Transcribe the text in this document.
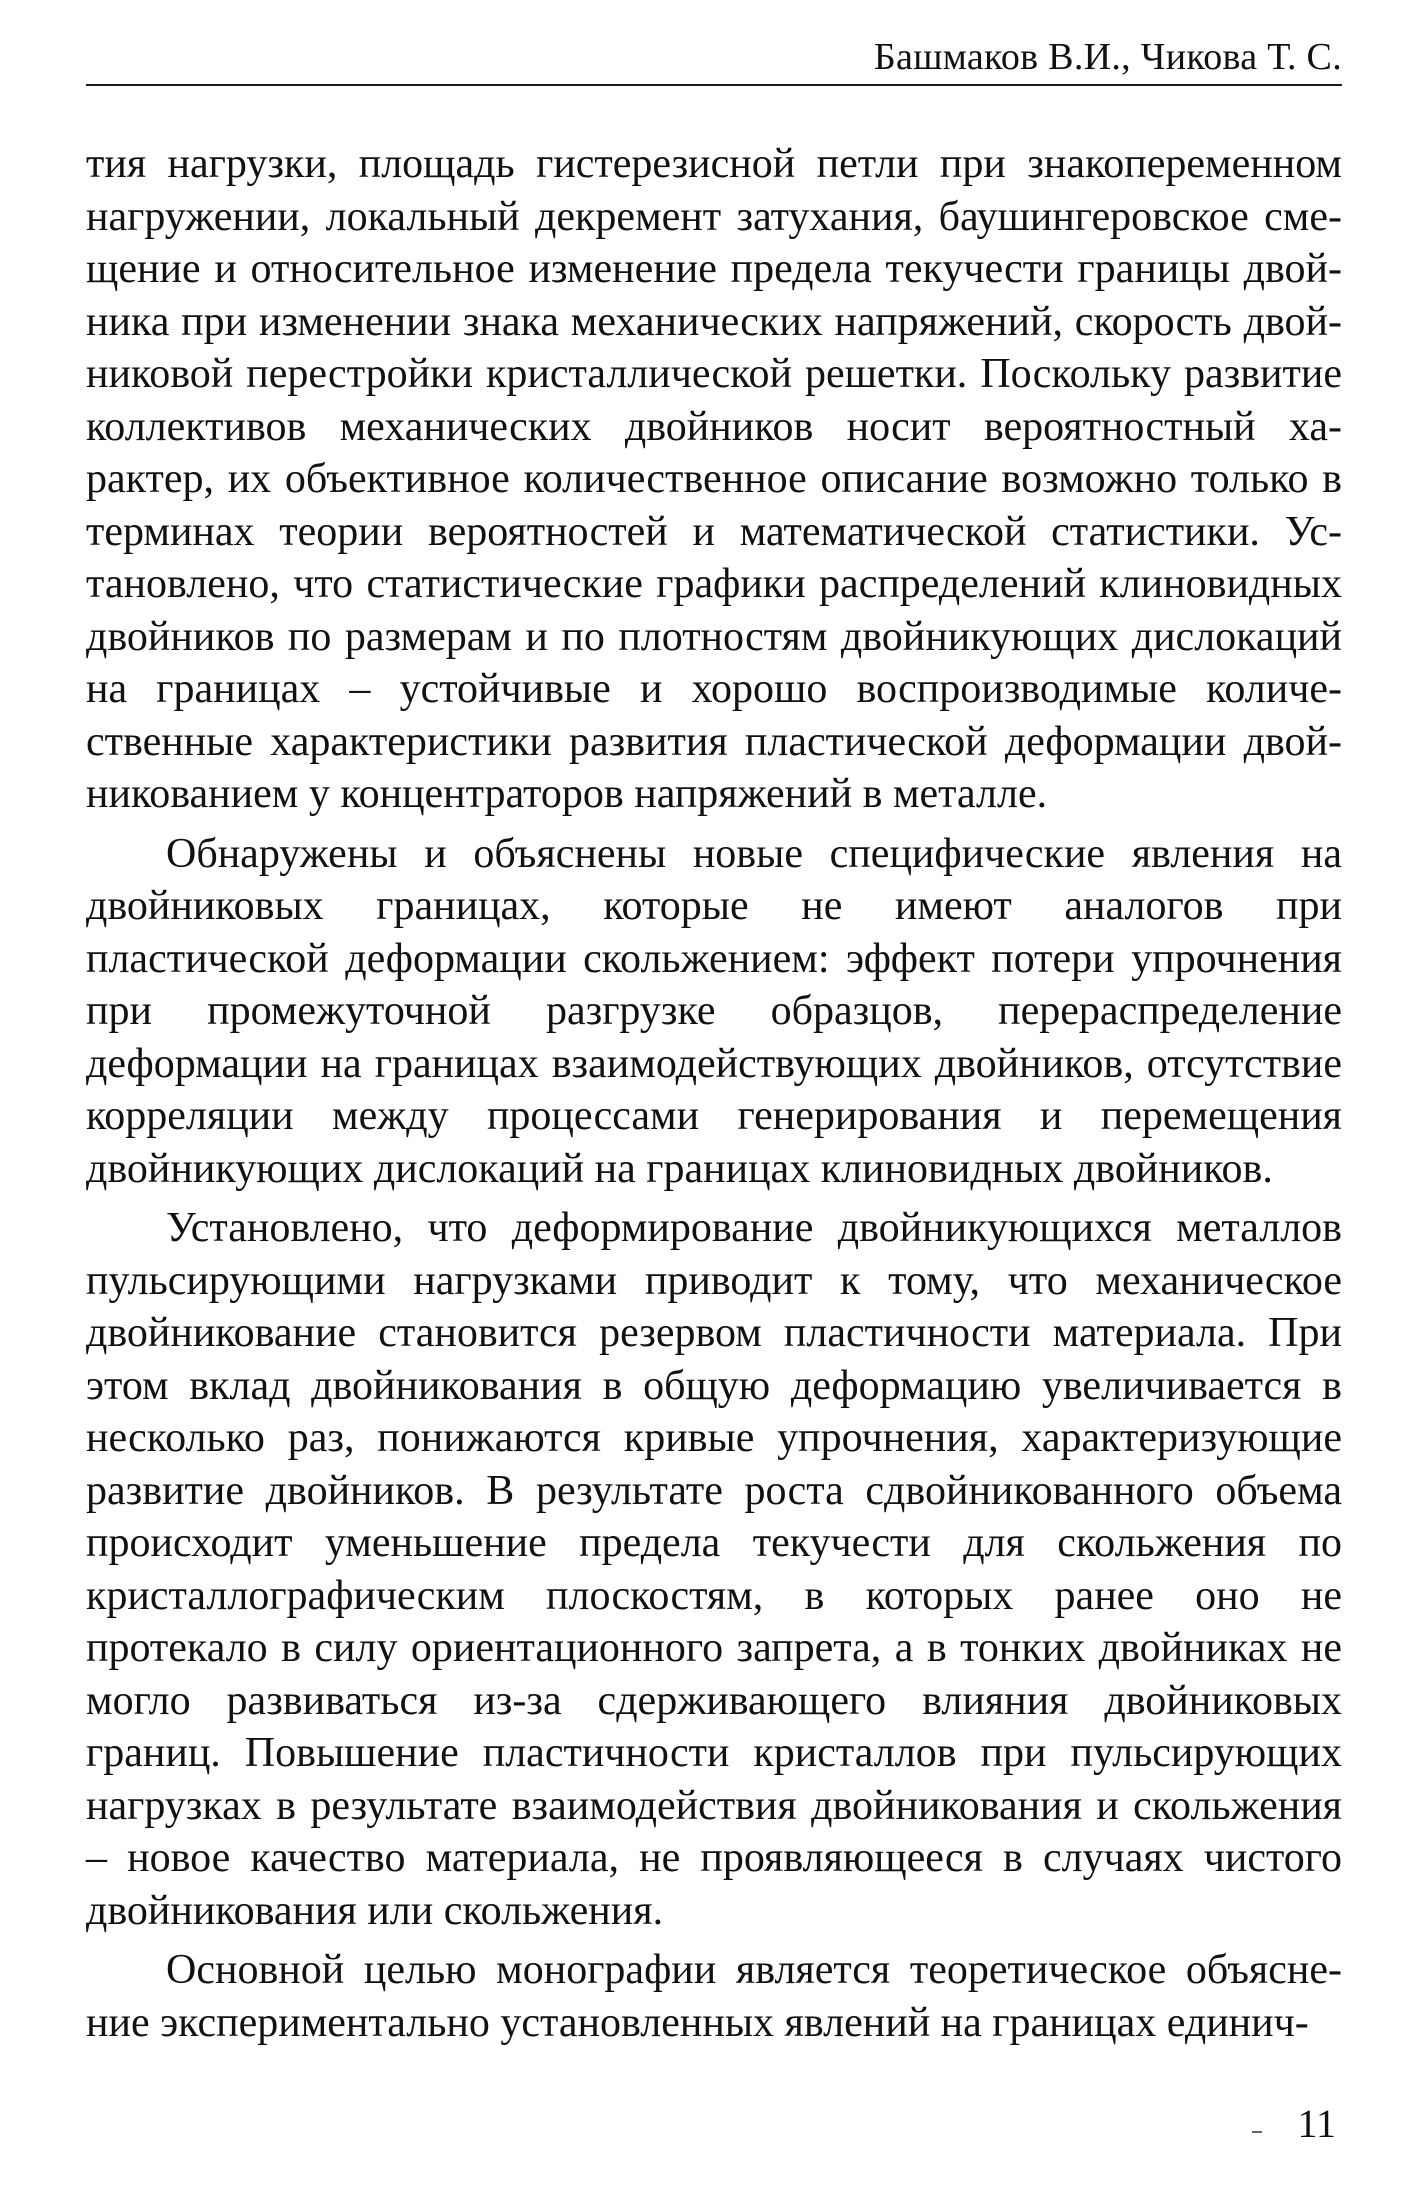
Башмаков В.И., Чикова Т. С.

тия нагрузки, площадь гистерезисной петли при знакопеременном нагружении, локальный декремент затухания, баушингеровское смещение и относительное изменение предела текучести границы двойника при изменении знака механических напряжений, скорость двойниковой перестройки кристаллической решетки. Поскольку развитие коллективов механических двойников носит вероятностный характер, их объективное количественное описание возможно только в терминах теории вероятностей и математической статистики. Установлено, что статистические графики распределений клиновидных двойников по размерам и по плотностям двойникующих дислокаций на границах – устойчивые и хорошо воспроизводимые количественные характеристики развития пластической деформации двойникованием у концентраторов напряжений в металле.

Обнаружены и объяснены новые специфические явления на двойниковых границах, которые не имеют аналогов при пластической деформации скольжением: эффект потери упрочнения при промежуточной разгрузке образцов, перераспределение деформации на границах взаимодействующих двойников, отсутствие корреляции между процессами генерирования и перемещения двойникующих дислокаций на границах клиновидных двойников.

Установлено, что деформирование двойникующихся металлов пульсирующими нагрузками приводит к тому, что механическое двойникование становится резервом пластичности материала. При этом вклад двойникования в общую деформацию увеличивается в несколько раз, понижаются кривые упрочнения, характеризующие развитие двойников. В результате роста сдвойникованного объема происходит уменьшение предела текучести для скольжения по кристаллографическим плоскостям, в которых ранее оно не протекало в силу ориентационного запрета, а в тонких двойниках не могло развиваться из-за сдерживающего влияния двойниковых границ. Повышение пластичности кристаллов при пульсирующих нагрузках в результате взаимодействия двойникования и скольжения – новое качество материала, не проявляющееся в случаях чистого двойникования или скольжения.

Основной целью монографии является теоретическое объяснение экспериментально установленных явлений на границах единич-

11
